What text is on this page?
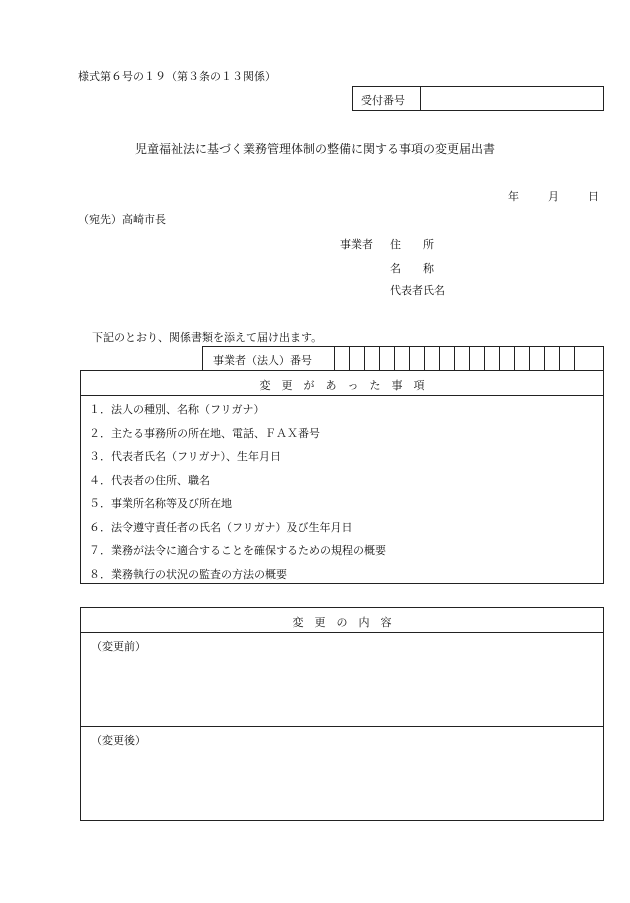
様式第６号の１９（第３条の１３関係）
受付番号
児童福祉法に基づく業務管理体制の整備に関する事項の変更届出書
年	月	日
（宛先）高崎市長
事業者 住　　所
名　　称
代表者氏名
下記のとおり、関係書類を添えて届け出ます。
事業者（法人）番号
変　更　が　あ　っ　た　事　項
１．法人の種別、名称（フリガナ）
２．主たる事務所の所在地、電話、ＦＡＸ番号
３．代表者氏名（フリガナ）、生年月日
４．代表者の住所、職名
５．事業所名称等及び所在地
６．法令遵守責任者の氏名（フリガナ）及び生年月日
７．業務が法令に適合することを確保するための規程の概要
８．業務執行の状況の監査の方法の概要
変　更　の　内　容
（変更前）
（変更後）
